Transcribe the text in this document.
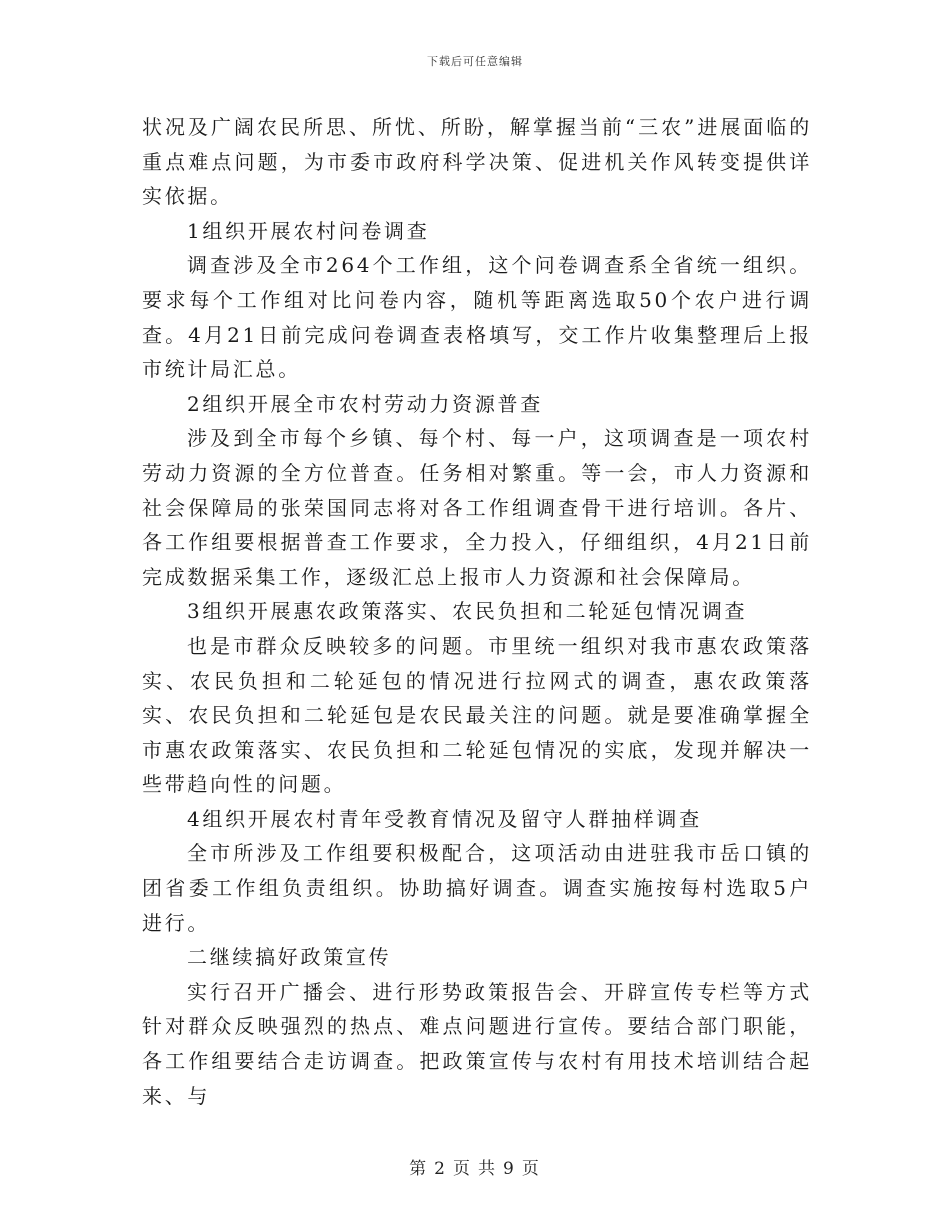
下载后可任意编辑

状况及广阔农民所思、所忧、所盼，解掌握当前“三农”进展面临的重点难点问题，为市委市政府科学决策、促进机关作风转变提供详实依据。

1组织开展农村问卷调查

调查涉及全市264个工作组，这个问卷调查系全省统一组织。要求每个工作组对比问卷内容，随机等距离选取50个农户进行调查。4月21日前完成问卷调查表格填写，交工作片收集整理后上报市统计局汇总。

2组织开展全市农村劳动力资源普查

涉及到全市每个乡镇、每个村、每一户，这项调查是一项农村劳动力资源的全方位普查。任务相对繁重。等一会，市人力资源和社会保障局的张荣国同志将对各工作组调查骨干进行培训。各片、各工作组要根据普查工作要求，全力投入，仔细组织，4月21日前完成数据采集工作，逐级汇总上报市人力资源和社会保障局。

3组织开展惠农政策落实、农民负担和二轮延包情况调查

也是市群众反映较多的问题。市里统一组织对我市惠农政策落实、农民负担和二轮延包的情况进行拉网式的调查，惠农政策落实、农民负担和二轮延包是农民最关注的问题。就是要准确掌握全市惠农政策落实、农民负担和二轮延包情况的实底，发现并解决一些带趋向性的问题。

4组织开展农村青年受教育情况及留守人群抽样调查

全市所涉及工作组要积极配合，这项活动由进驻我市岳口镇的团省委工作组负责组织。协助搞好调查。调查实施按每村选取5户进行。

二继续搞好政策宣传

实行召开广播会、进行形势政策报告会、开辟宣传专栏等方式针对群众反映强烈的热点、难点问题进行宣传。要结合部门职能，各工作组要结合走访调查。把政策宣传与农村有用技术培训结合起来、与

第 2 页 共 9 页
